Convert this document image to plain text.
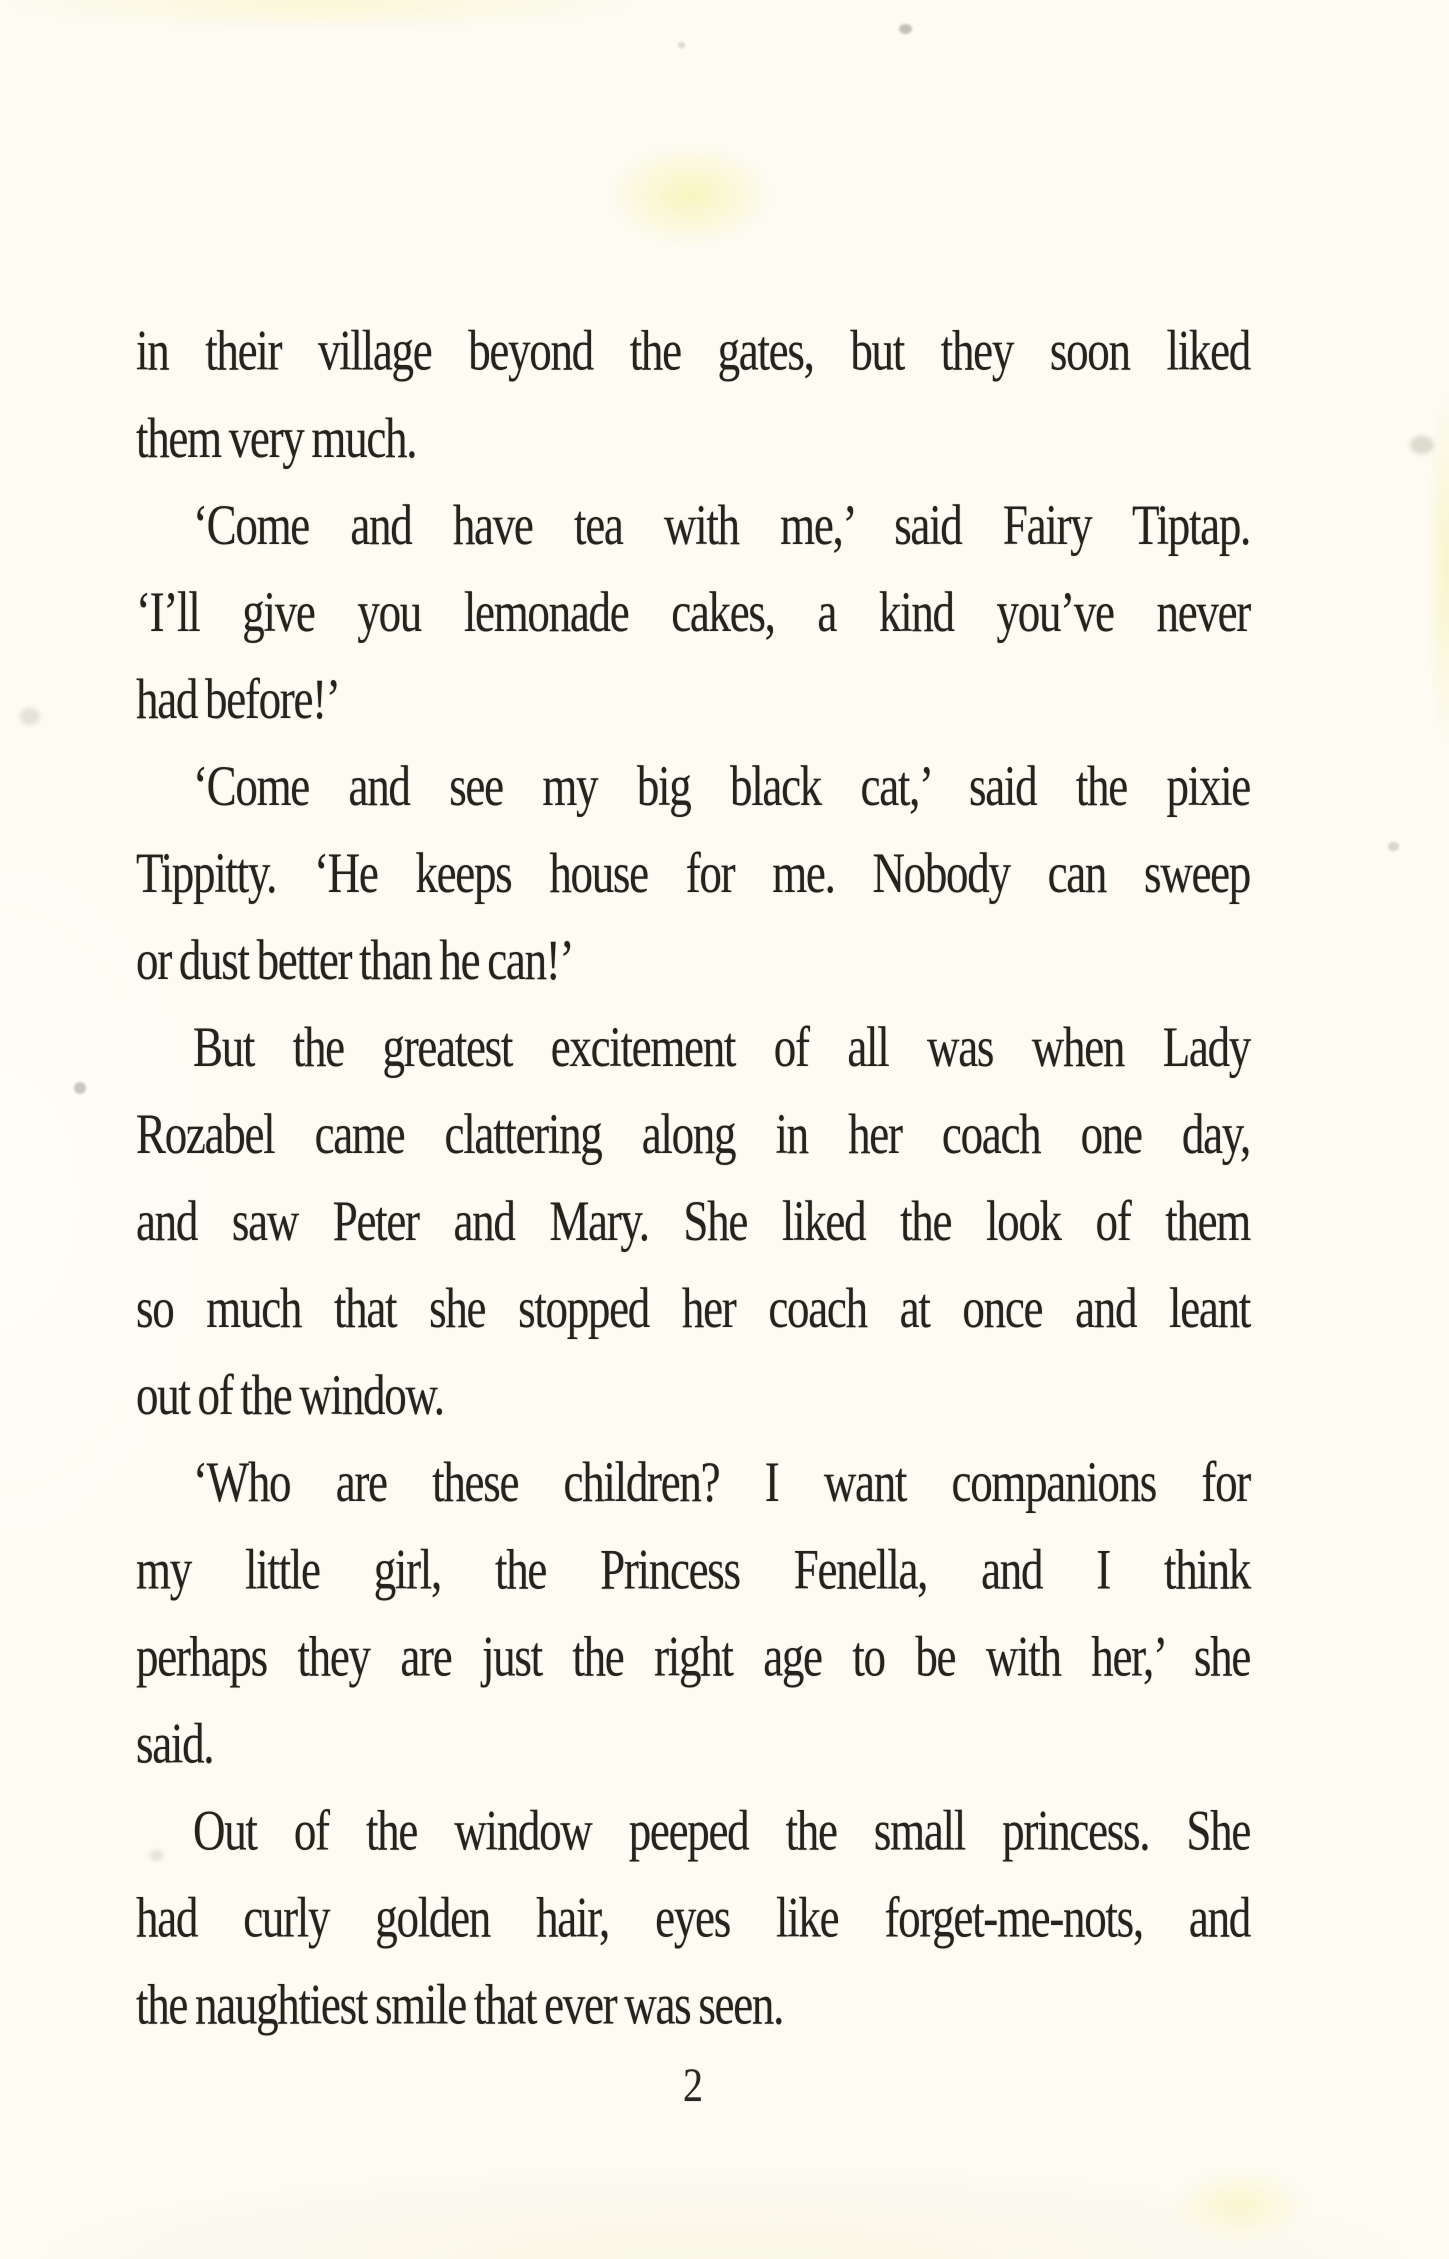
in their village beyond the gates, but they soon liked
them very much.
‘Come and have tea with me,’ said Fairy Tiptap.
‘I’ll give you lemonade cakes, a kind you’ve never
had before!’
‘Come and see my big black cat,’ said the pixie
Tippitty. ‘He keeps house for me. Nobody can sweep
or dust better than he can!’
But the greatest excitement of all was when Lady
Rozabel came clattering along in her coach one day,
and saw Peter and Mary. She liked the look of them
so much that she stopped her coach at once and leant
out of the window.
‘Who are these children? I want companions for
my little girl, the Princess Fenella, and I think
perhaps they are just the right age to be with her,’ she
said.
Out of the window peeped the small princess. She
had curly golden hair, eyes like forget-me-nots, and
the naughtiest smile that ever was seen.
2
